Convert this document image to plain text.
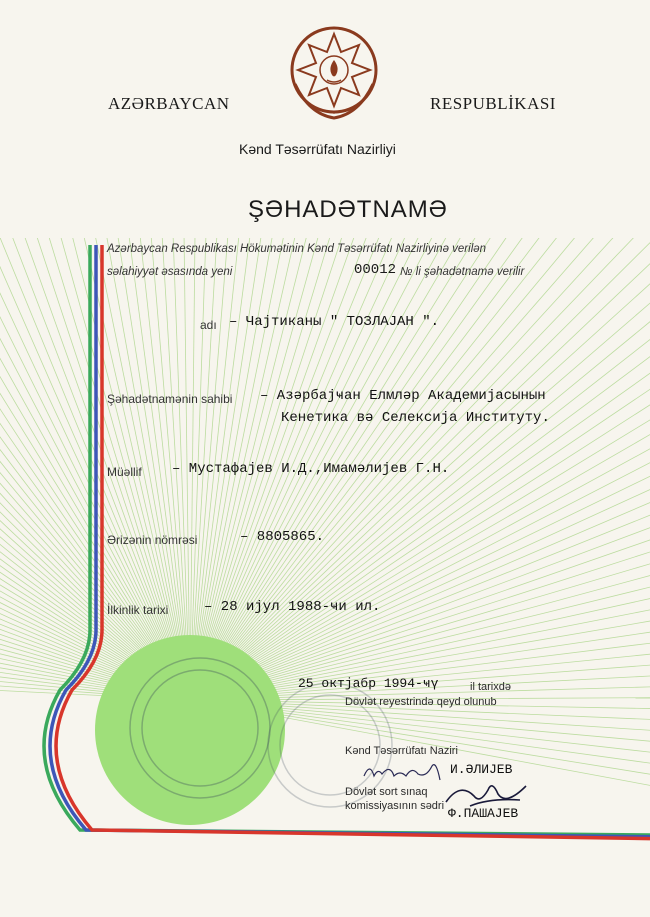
AZƏRBAYCAN	RESPUBLİKASI
Kənd Təsərrüfatı Nazirliyi
ŞƏHADƏTNAMƏ
Azərbaycan Respublikası Hökumətinin Kənd Təsərrüfatı Nazirliyinə verilən
səlahiyyət əsasında yeni	00012 № li şəhadətnamə verilir
adı – Чајтиканы " ТОЗЛАЈАН ".
Şəhadətnamənin sahibi – Азәрбајҹан Елмләр Академијасынын
Кенетика вә Селексија Институту.
Müəllif – Мустафајев И.Д.,Имамәлијев Г.Н.
Ərizənin nömrəsi	– 8805865.
İlkinlik tarixi	– 28 ијул 1988-ҹи ил.
25 октјабр 1994-ҹү	il tarixdə
Dövlət reyestrində qeyd olunub
Kənd Təsərrüfatı Naziri
И.ӘЛИЈЕВ
Dövlət sort sınaq
komissiyasının sədri Ф.ПАШАЈЕВ
